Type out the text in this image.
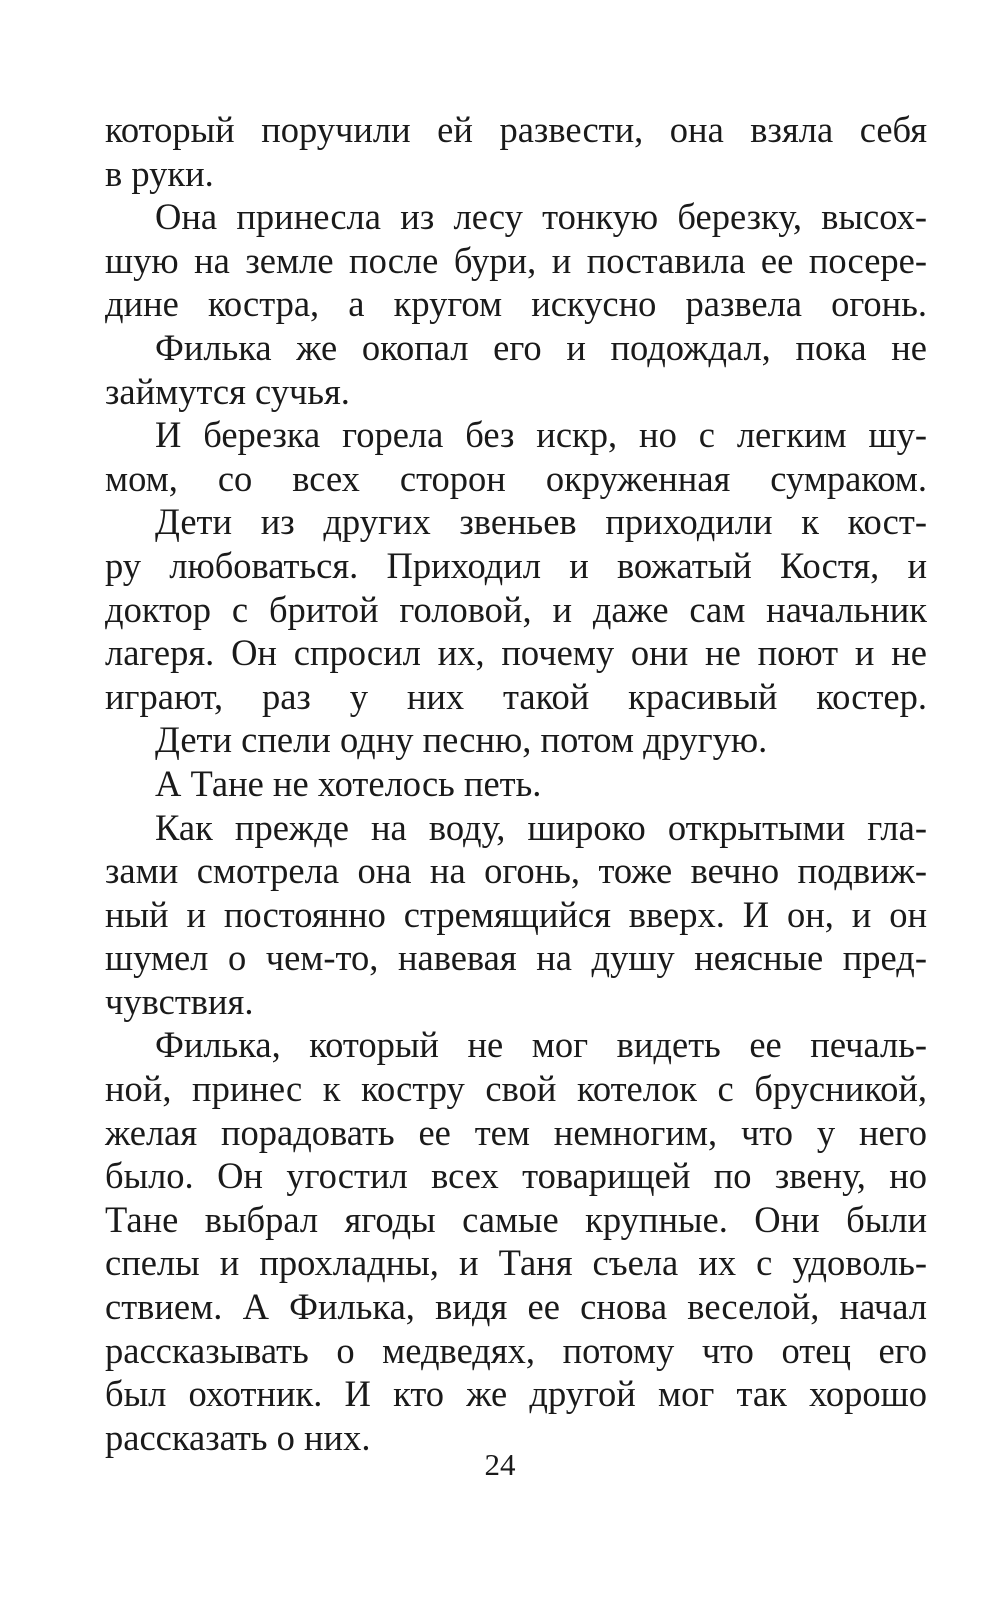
который поручили ей развести, она взяла себя
в руки.
Она принесла из лесу тонкую березку, высох-
шую на земле после бури, и поставила ее посере-
дине костра, а кругом искусно развела огонь.
Филька же окопал его и подождал, пока не
займутся сучья.
И березка горела без искр, но с легким шу-
мом, со всех сторон окруженная сумраком.
Дети из других звеньев приходили к кост-
ру любоваться. Приходил и вожатый Костя, и
доктор с бритой головой, и даже сам начальник
лагеря. Он спросил их, почему они не поют и не
играют, раз у них такой красивый костер.
Дети спели одну песню, потом другую.
А Тане не хотелось петь.
Как прежде на воду, широко открытыми гла-
зами смотрела она на огонь, тоже вечно подвиж-
ный и постоянно стремящийся вверх. И он, и он
шумел о чем-то, навевая на душу неясные пред-
чувствия.
Филька, который не мог видеть ее печаль-
ной, принес к костру свой котелок с брусникой,
желая порадовать ее тем немногим, что у него
было. Он угостил всех товарищей по звену, но
Тане выбрал ягоды самые крупные. Они были
спелы и прохладны, и Таня съела их с удоволь-
ствием. А Филька, видя ее снова веселой, начал
рассказывать о медведях, потому что отец его
был охотник. И кто же другой мог так хорошо
рассказать о них.
24
